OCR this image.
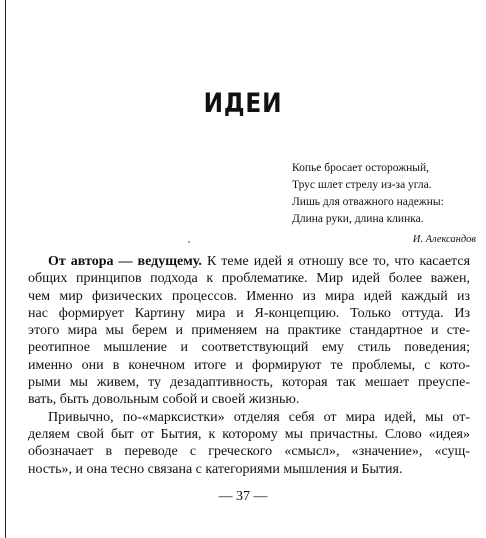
ИДЕИ
Копье бросает осторожный,
Трус шлет стрелу из-за угла.
Лишь для отважного надежны:
Длина руки, длина клинка.
И. Александов
От автора — ведущему. К теме идей я отношу все то, что касается
общих принципов подхода к проблематике. Мир идей более важен,
чем мир физических процессов. Именно из мира идей каждый из
нас формирует Картину мира и Я-концепцию. Только оттуда. Из
этого мира мы берем и применяем на практике стандартное и сте-
реотипное мышление и соответствующий ему стиль поведения;
именно они в конечном итоге и формируют те проблемы, с кото-
рыми мы живем, ту дезадаптивность, которая так мешает преуспе-
вать, быть довольным собой и своей жизнью.
Привычно, по-«марксистки» отделяя себя от мира идей, мы от-
деляем свой быт от Бытия, к которому мы причастны. Слово «идея»
обозначает в переводе с греческого «смысл», «значение», «сущ-
ность», и она тесно связана с категориями мышления и Бытия.
— 37 —
